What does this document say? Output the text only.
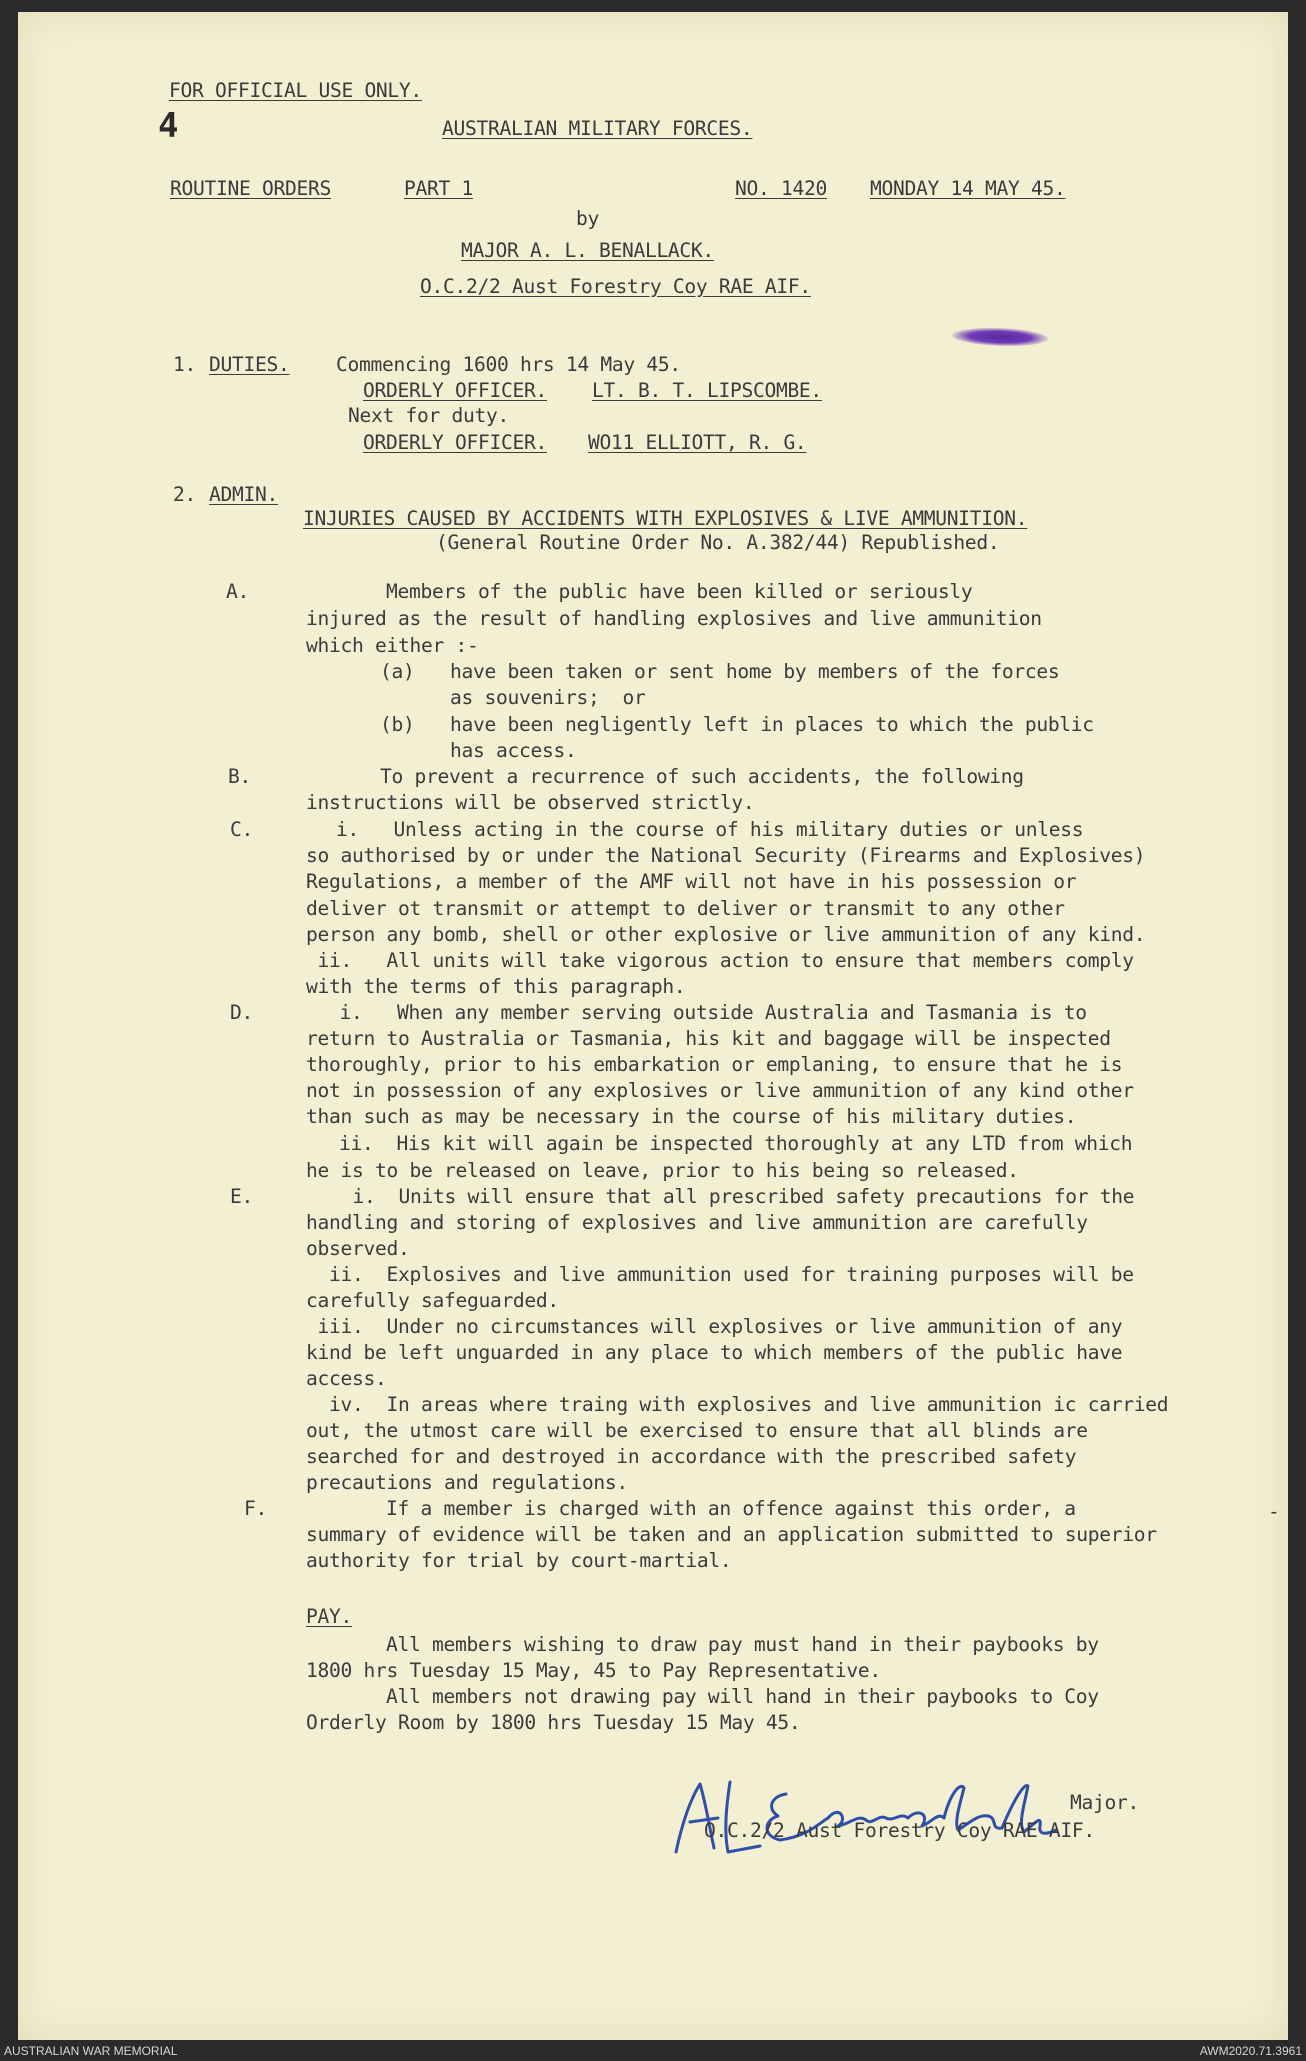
4
FOR OFFICIAL USE ONLY.
AUSTRALIAN MILITARY FORCES.
ROUTINE ORDERS	PART 1	NO. 1420 MONDAY 14 MAY 45.
by
MAJOR A. L. BENALLACK.
O.C.2/2 Aust Forestry Coy RAE AIF.
1. DUTIES. Commencing 1600 hrs 14 May 45.
ORDERLY OFFICER. LT. B. T. LIPSCOMBE.
Next for duty.
ORDERLY OFFICER. WO11 ELLIOTT, R. G.
2. ADMIN.
INJURIES CAUSED BY ACCIDENTS WITH EXPLOSIVES & LIVE AMMUNITION.
(General Routine Order No. A.382/44) Republished.
A.	Members of the public have been killed or seriously
injured as the result of handling explosives and live ammunition
which either :-
(a) have been taken or sent home by members of the forces
as souvenirs;  or
(b) have been negligently left in places to which the public
has access.
B.	To prevent a recurrence of such accidents, the following
instructions will be observed strictly.
C.	i.   Unless acting in the course of his military duties or unless
so authorised by or under the National Security (Firearms and Explosives)
Regulations, a member of the AMF will not have in his possession or
deliver ot transmit or attempt to deliver or transmit to any other
person any bomb, shell or other explosive or live ammunition of any kind.
ii.   All units will take vigorous action to ensure that members comply
with the terms of this paragraph.
D.	i.   When any member serving outside Australia and Tasmania is to
return to Australia or Tasmania, his kit and baggage will be inspected
thoroughly, prior to his embarkation or emplaning, to ensure that he is
not in possession of any explosives or live ammunition of any kind other
than such as may be necessary in the course of his military duties.
ii.  His kit will again be inspected thoroughly at any LTD from which
he is to be released on leave, prior to his being so released.
E.	i.  Units will ensure that all prescribed safety precautions for the
handling and storing of explosives and live ammunition are carefully
observed.
ii.  Explosives and live ammunition used for training purposes will be
carefully safeguarded.
iii.  Under no circumstances will explosives or live ammunition of any
kind be left unguarded in any place to which members of the public have
access.
iv.  In areas where traing with explosives and live ammunition ic carried
out, the utmost care will be exercised to ensure that all blinds are
searched for and destroyed in accordance with the prescribed safety
precautions and regulations.
F.	If a member is charged with an offence against this order, a
summary of evidence will be taken and an application submitted to superior
authority for trial by court-martial.
-
PAY.
All members wishing to draw pay must hand in their paybooks by
1800 hrs Tuesday 15 May, 45 to Pay Representative.
All members not drawing pay will hand in their paybooks to Coy
Orderly Room by 1800 hrs Tuesday 15 May 45.
Major.
O.C.2/2 Aust Forestry Coy RAE AIF.
AUSTRALIAN WAR MEMORIAL	AWM2020.71.3961
